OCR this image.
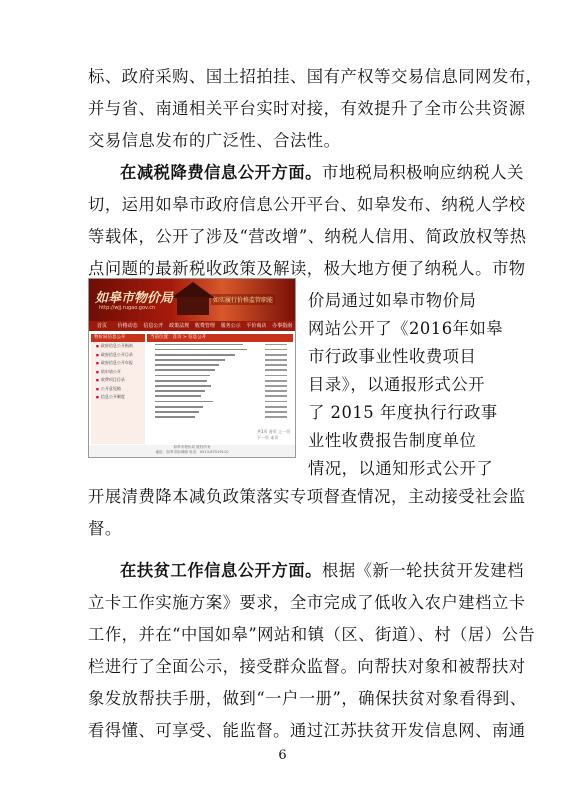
标、政府采购、国土招拍挂、国有产权等交易信息同网发布，
并与省、南通相关平台实时对接，有效提升了全市公共资源
交易信息发布的广泛性、合法性。
在减税降费信息公开方面。市地税局积极响应纳税人关
切，运用如皋市政府信息公开平台、如皋发布、纳税人学校
等载体，公开了涉及“营改增”、纳税人信用、简政放权等热
点问题的最新税收政策及解读，极大地方便了纳税人。市物
如皋市物价局
http://wjj.rugao.gov.cn
如实履行价格监管职能
首页	价格动态	信息公开	政策法规	收费管理	服务公示	平价商店	办事指南
物价局信息公开
■ 政府信息公开指南
■ 政府信息公开目录
■ 政府信息公开年报
■ 依申请公开
■ 收费项目目录
■ 公开意见箱
■ 信息公开制度
当前位置：首页 > 信息公开
共1页 首页 上一页 下一页 末页
如皋市物价局 版权所有
地址：如皋市如城镇 电话：0513-87519110
价局通过如皋市物价局
网站公开了《2016年如皋
市行政事业性收费项目
目录》，以通报形式公开
了 2015 年度执行行政事
业性收费报告制度单位
情况，以通知形式公开了
开展清费降本减负政策落实专项督查情况，主动接受社会监
督。
在扶贫工作信息公开方面。根据《新一轮扶贫开发建档
立卡工作实施方案》要求，全市完成了低收入农户建档立卡
工作，并在“中国如皋”网站和镇（区、街道）、村（居）公告
栏进行了全面公示，接受群众监督。向帮扶对象和被帮扶对
象发放帮扶手册，做到“一户一册”，确保扶贫对象看得到、
看得懂、可享受、能监督。通过江苏扶贫开发信息网、南通
6
